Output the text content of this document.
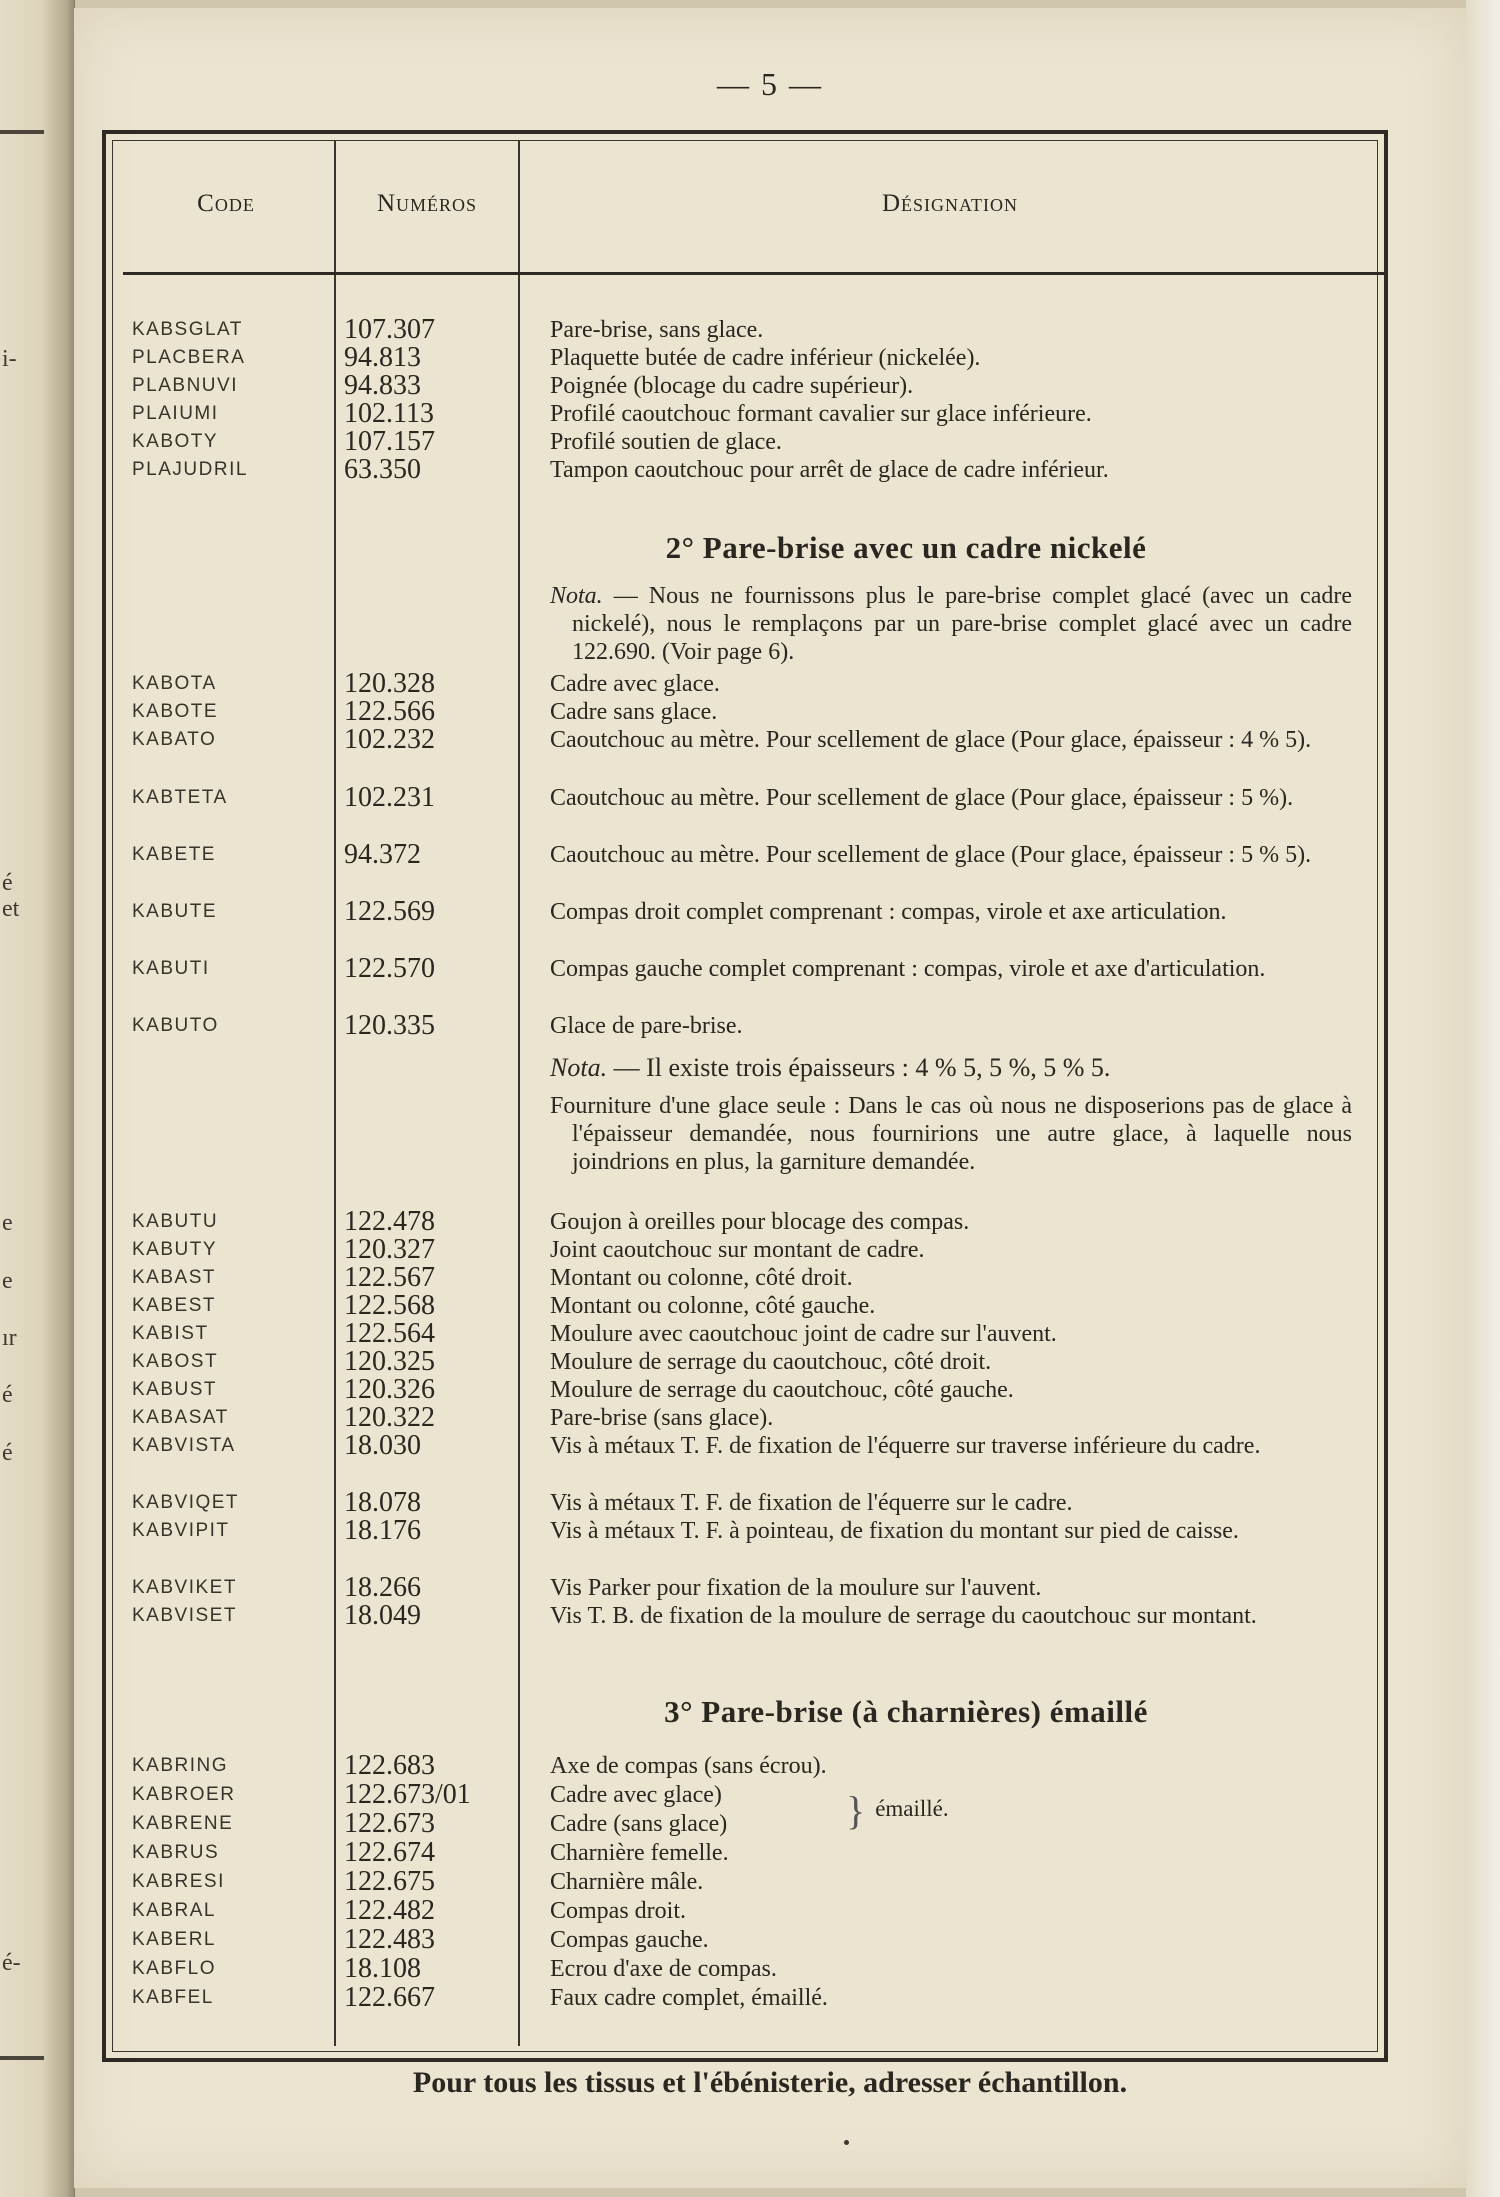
i-
é
et
e
e
ır
é
é
é-
— 5 —
Code	Numéros	Désignation
KABSGLAT	107.307	Pare-brise, sans glace.
PLACBERA	94.813	Plaquette butée de cadre inférieur (nickelée).
PLABNUVI	94.833	Poignée (blocage du cadre supérieur).
PLAIUMI	102.113	Profilé caoutchouc formant cavalier sur glace inférieure.
KABOTY	107.157	Profilé soutien de glace.
PLAJUDRIL	63.350	Tampon caoutchouc pour arrêt de glace de cadre inférieur.
2° Pare-brise avec un cadre nickelé
Nota. — Nous ne fournissons plus le pare-brise complet glacé (avec un cadre nickelé), nous le remplaçons par un pare-brise complet glacé avec un cadre 122.690. (Voir page 6).
KABOTA	120.328	Cadre avec glace.
KABOTE	122.566	Cadre sans glace.
KABATO	102.232	Caoutchouc au mètre. Pour scellement de glace (Pour glace, épaisseur : 4 % 5).
KABTETA	102.231	Caoutchouc au mètre. Pour scellement de glace (Pour glace, épaisseur : 5 %).
KABETE	94.372	Caoutchouc au mètre. Pour scellement de glace (Pour glace, épaisseur : 5 % 5).
KABUTE	122.569	Compas droit complet comprenant : compas, virole et axe articulation.
KABUTI	122.570	Compas gauche complet comprenant : compas, virole et axe d'articulation.
KABUTO	120.335	Glace de pare-brise.
Nota. — Il existe trois épaisseurs : 4 % 5, 5 %, 5 % 5.
Fourniture d'une glace seule : Dans le cas où nous ne disposerions pas de glace à l'épaisseur demandée, nous fournirions une autre glace, à laquelle nous joindrions en plus, la garniture demandée.
KABUTU	122.478	Goujon à oreilles pour blocage des compas.
KABUTY	120.327	Joint caoutchouc sur montant de cadre.
KABAST	122.567	Montant ou colonne, côté droit.
KABEST	122.568	Montant ou colonne, côté gauche.
KABIST	122.564	Moulure avec caoutchouc joint de cadre sur l'auvent.
KABOST	120.325	Moulure de serrage du caoutchouc, côté droit.
KABUST	120.326	Moulure de serrage du caoutchouc, côté gauche.
KABASAT	120.322	Pare-brise (sans glace).
KABVISTA	18.030	Vis à métaux T. F. de fixation de l'équerre sur traverse inférieure du cadre.
KABVIQET	18.078	Vis à métaux T. F. de fixation de l'équerre sur le cadre.
KABVIPIT	18.176	Vis à métaux T. F. à pointeau, de fixation du montant sur pied de caisse.
KABVIKET	18.266	Vis Parker pour fixation de la moulure sur l'auvent.
KABVISET	18.049	Vis T. B. de fixation de la moulure de serrage du caoutchouc sur montant.
3° Pare-brise (à charnières) émaillé
KABRING	122.683	Axe de compas (sans écrou).
KABROER	122.673/01	Cadre avec glace)
KABRENE	122.673	Cadre (sans glace)	} émaillé.
KABRUS	122.674	Charnière femelle.
KABRESI	122.675	Charnière mâle.
KABRAL	122.482	Compas droit.
KABERL	122.483	Compas gauche.
KABFLO	18.108	Ecrou d'axe de compas.
KABFEL	122.667	Faux cadre complet, émaillé.
Pour tous les tissus et l'ébénisterie, adresser échantillon.
